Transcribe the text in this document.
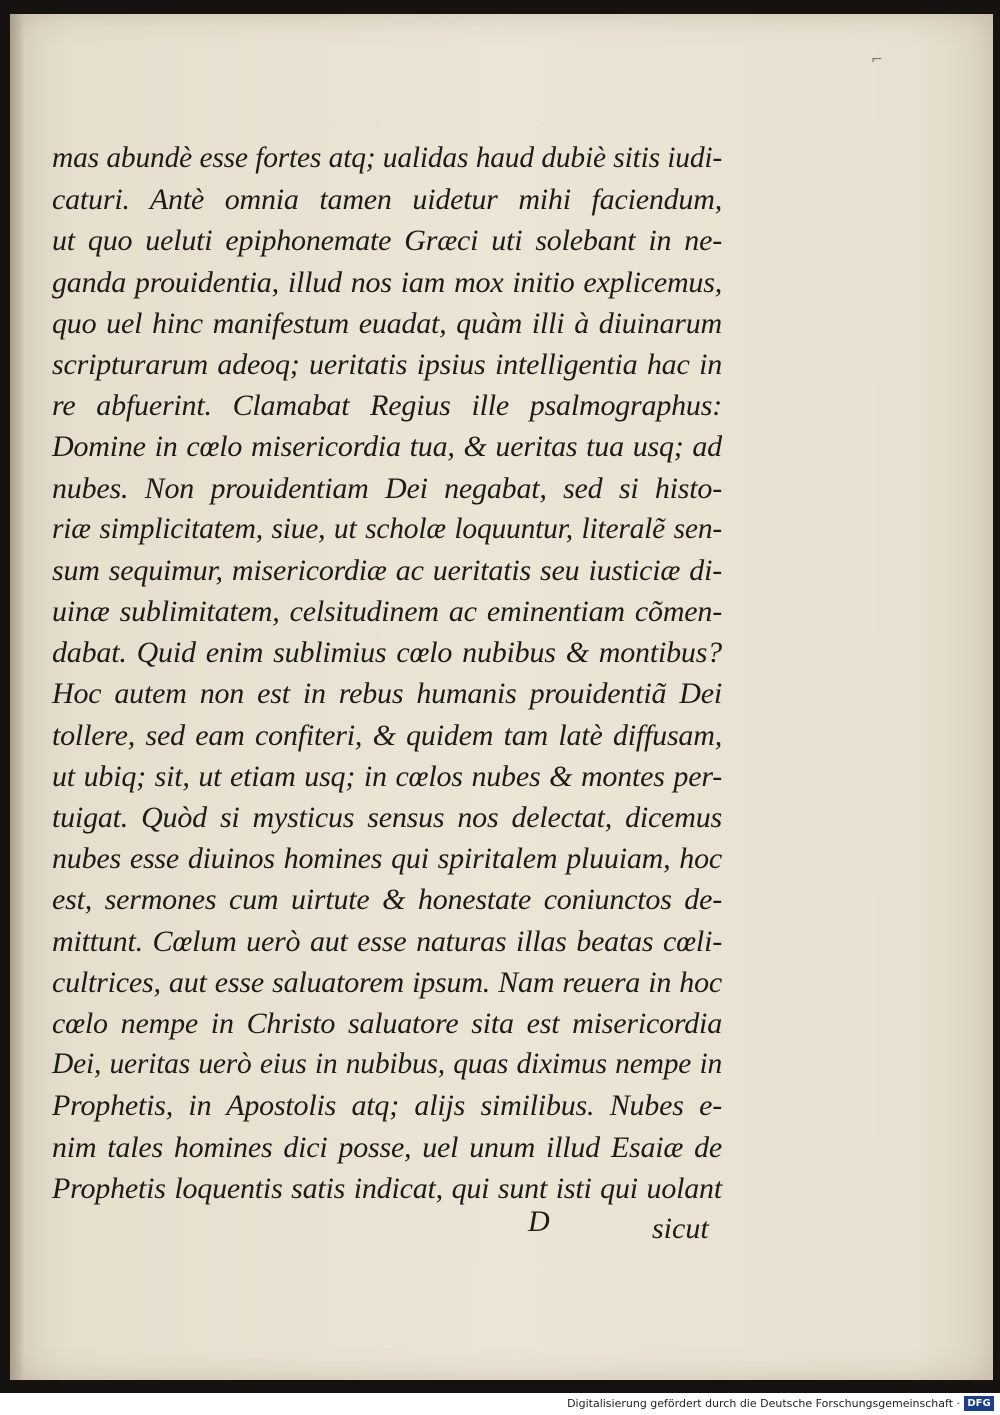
⌐
mas abundè esse fortes atq; ualidas haud dubiè sitis iudi-
caturi. Antè omnia tamen uidetur mihi faciendum,
ut quo ueluti epiphonemate Græci uti solebant in ne-
ganda prouidentia, illud nos iam mox initio explicemus,
quo uel hinc manifestum euadat, quàm illi à diuinarum
scripturarum adeoq; ueritatis ipsius intelligentia hac in
re abfuerint. Clamabat Regius ille psalmographus:
Domine in cœlo misericordia tua, & ueritas tua usq; ad
nubes. Non prouidentiam Dei negabat, sed si histo-
riæ simplicitatem, siue, ut scholæ loquuntur, literalẽ sen-
sum sequimur, misericordiæ ac ueritatis seu iusticiæ di-
uinæ sublimitatem, celsitudinem ac eminentiam cõmen-
dabat. Quid enim sublimius cœlo nubibus & montibus?
Hoc autem non est in rebus humanis prouidentiã Dei
tollere, sed eam confiteri, & quidem tam latè diffusam,
ut ubiq; sit, ut etiam usq; in cœlos nubes & montes per-
tuigat. Quòd si mysticus sensus nos delectat, dicemus
nubes esse diuinos homines qui spiritalem pluuiam, hoc
est, sermones cum uirtute & honestate coniunctos de-
mittunt. Cœlum uerò aut esse naturas illas beatas cœli-
cultrices, aut esse saluatorem ipsum. Nam reuera in hoc
cœlo nempe in Christo saluatore sita est misericordia
Dei, ueritas uerò eius in nubibus, quas diximus nempe in
Prophetis, in Apostolis atq; alijs similibus. Nubes e-
nim tales homines dici posse, uel unum illud Esaiæ de
Prophetis loquentis satis indicat, qui sunt isti qui uolant
D	sicut
Digitalisierung gefördert durch die Deutsche Forschungsgemeinschaft · DFG
